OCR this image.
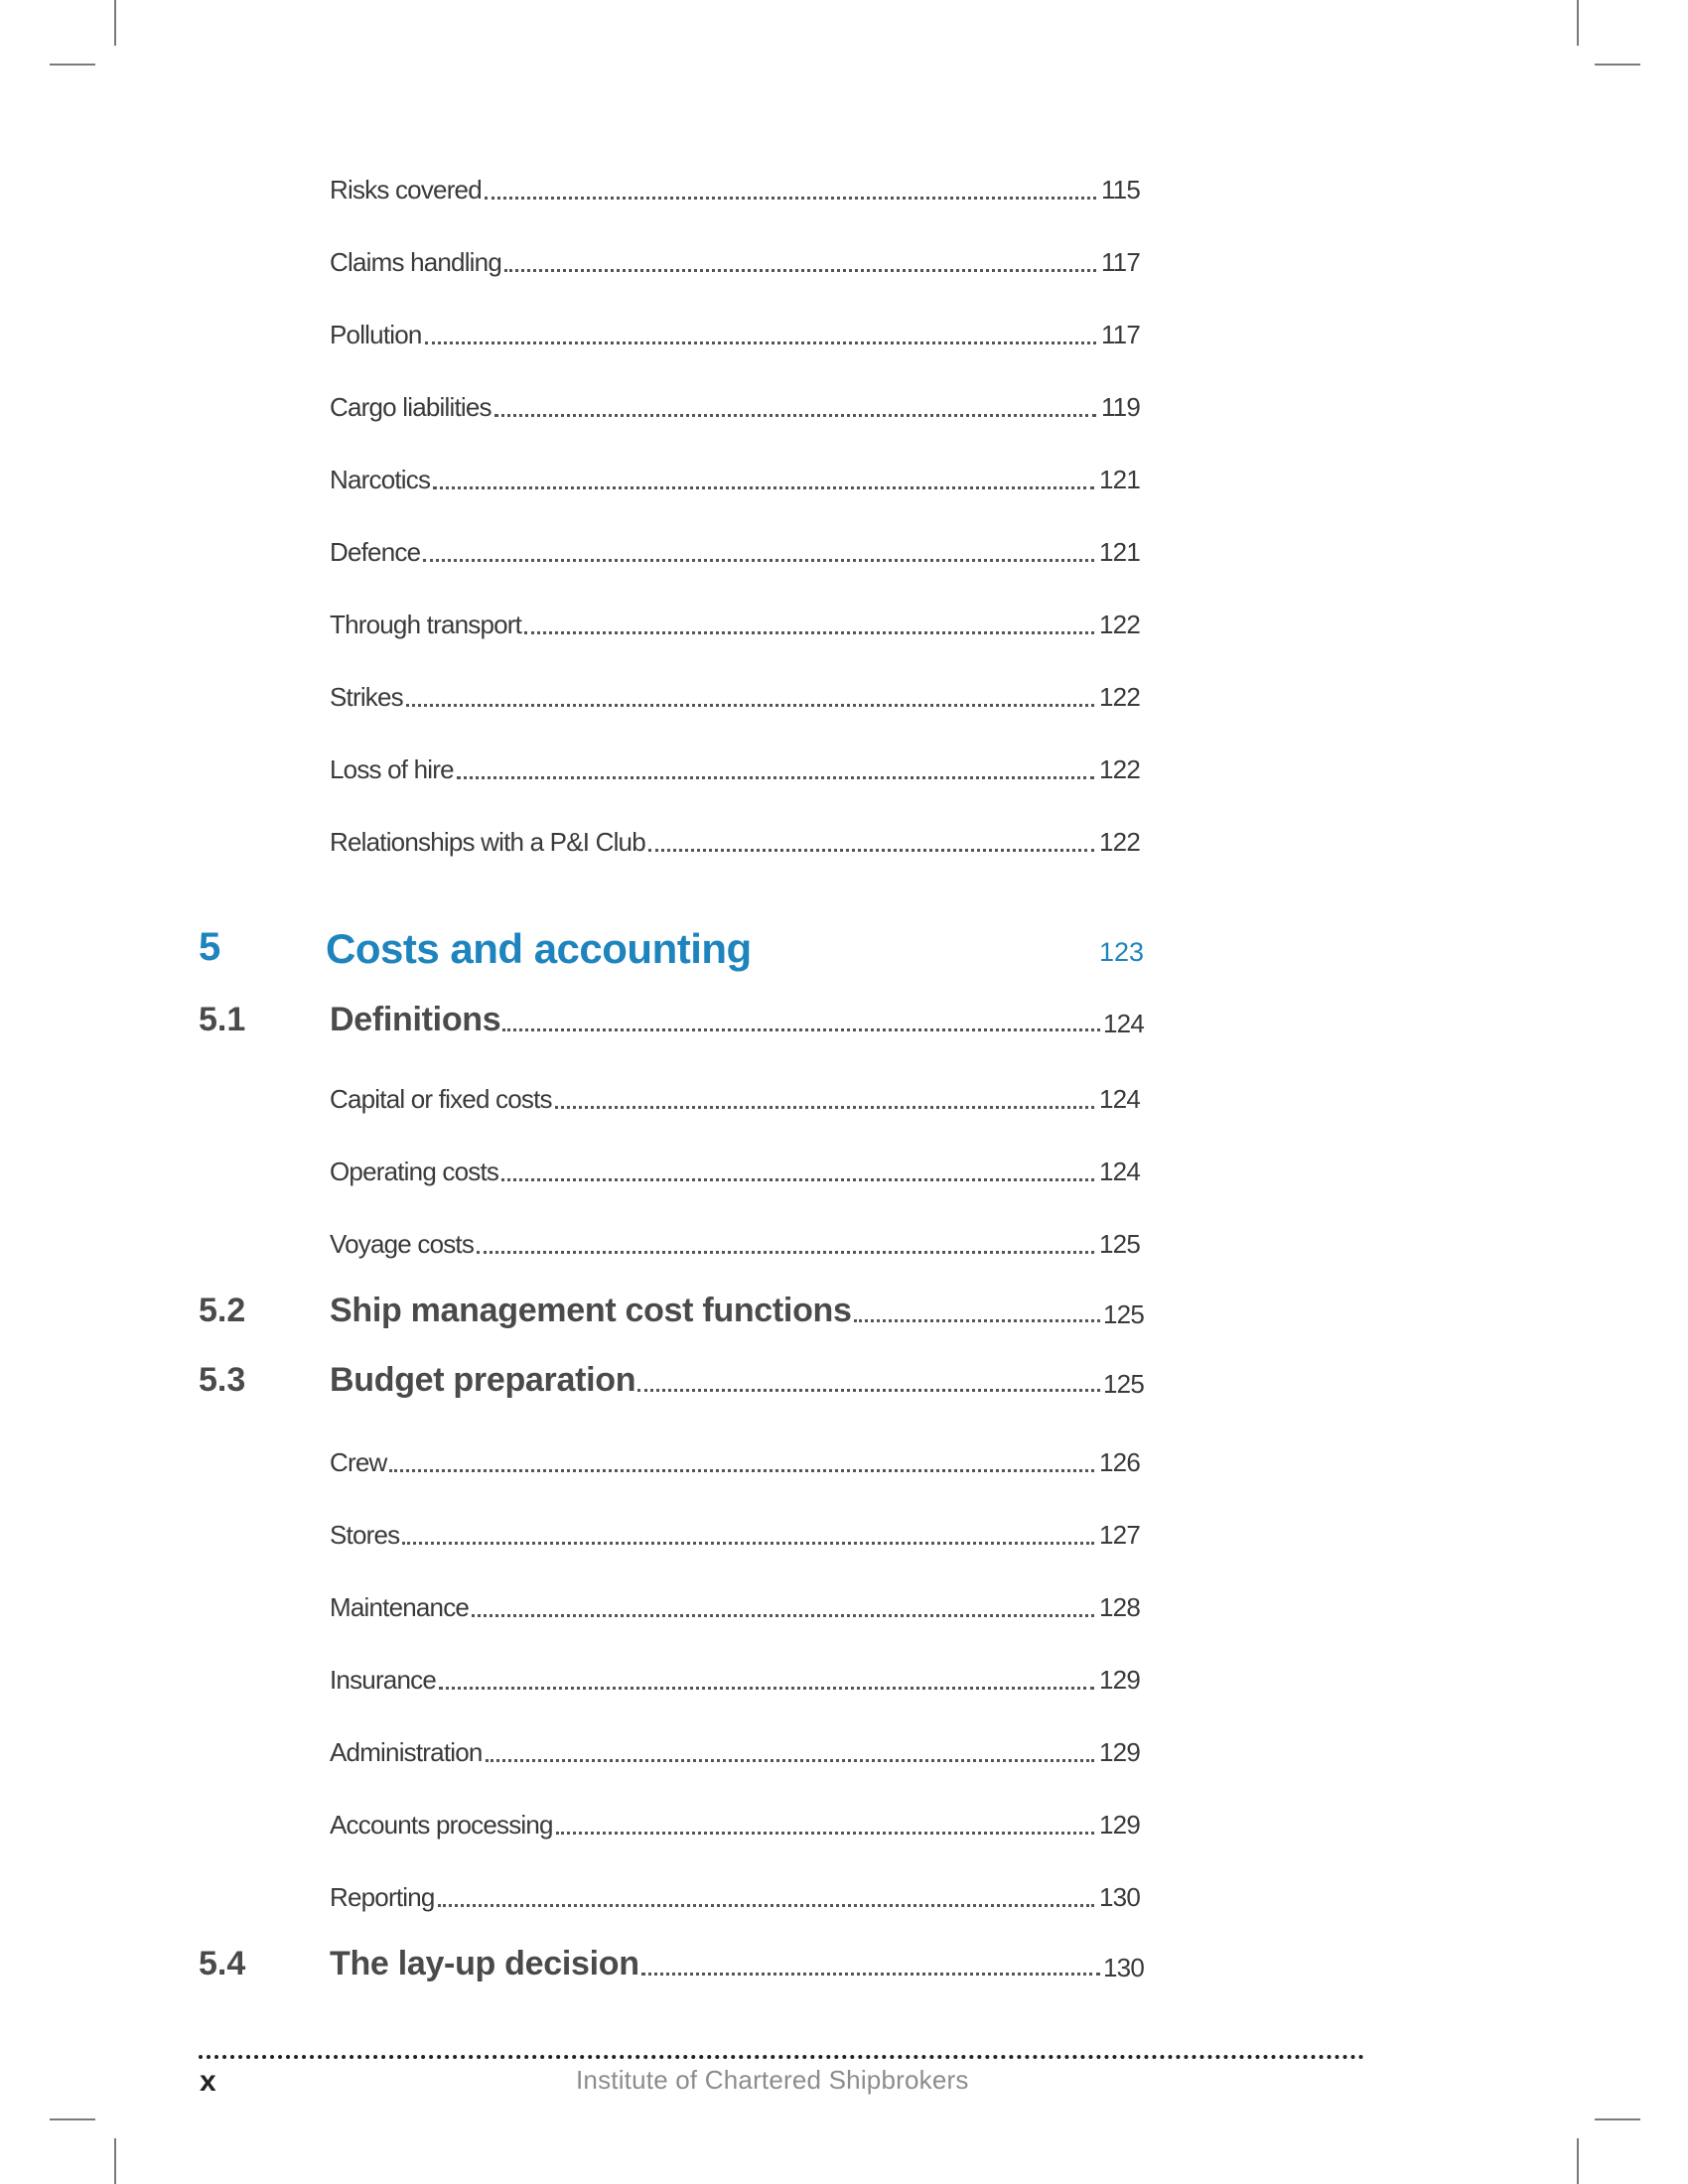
Risks covered	115
Claims handling	117
Pollution	117
Cargo liabilities	119
Narcotics	121
Defence	121
Through transport	122
Strikes	122
Loss of hire	122
Relationships with a P&I Club	122
5	Costs and accounting	123
5.1	Definitions	124
Capital or fixed costs	124
Operating costs	124
Voyage costs	125
5.2	Ship management cost functions	125
5.3	Budget preparation	125
Crew	126
Stores	127
Maintenance	128
Insurance	129
Administration	129
Accounts processing	129
Reporting	130
5.4	The lay-up decision	130
x	Institute of Chartered Shipbrokers
